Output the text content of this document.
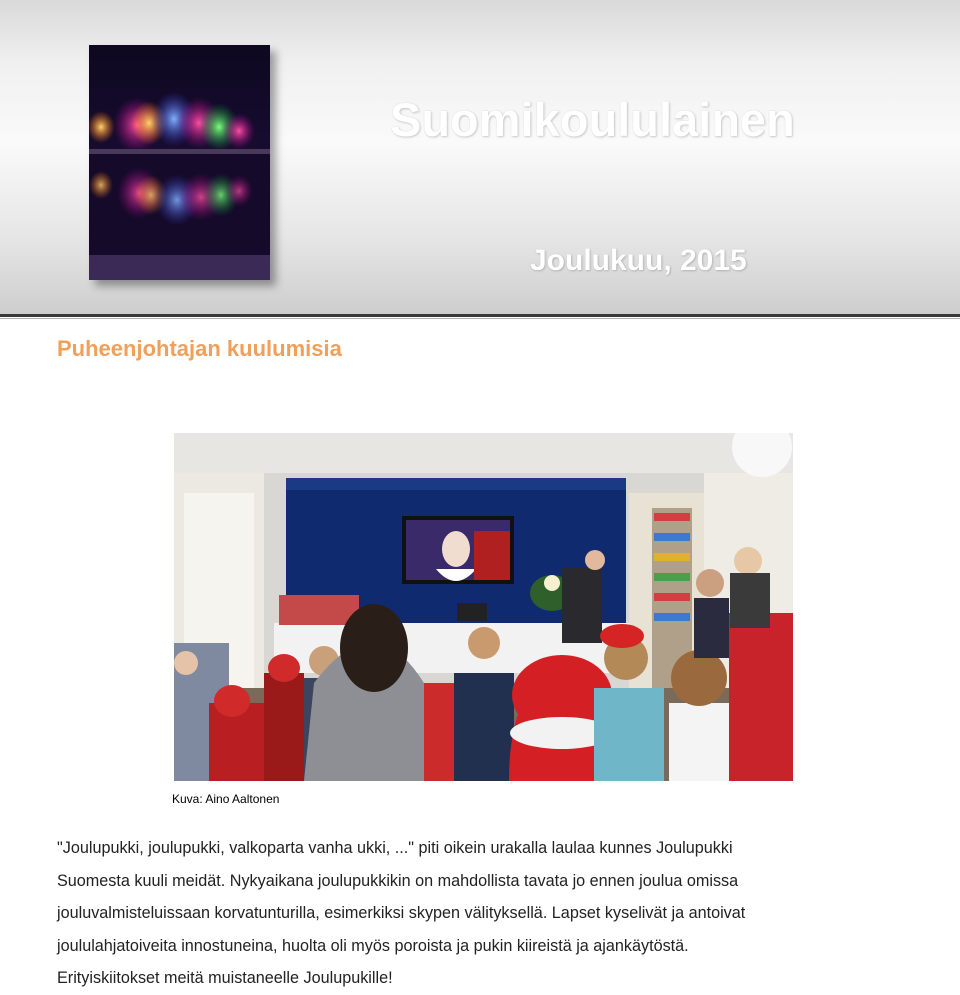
Suomikoululainen
Joulukuu, 2015
Puheenjohtajan kuulumisia
Kuva: Aino Aaltonen
"Joulupukki, joulupukki, valkoparta vanha ukki, ..." piti oikein urakalla laulaa kunnes Joulupukki
Suomesta kuuli meidät. Nykyaikana joulupukkikin on mahdollista tavata jo ennen joulua omissa
jouluvalmisteluissaan korvatunturilla, esimerkiksi skypen välityksellä. Lapset kyselivät ja antoivat
joululahjatoiveita innostuneina, huolta oli myös poroista ja pukin kiireistä ja ajankäytöstä.
Erityiskiitokset meitä muistaneelle Joulupukille!
